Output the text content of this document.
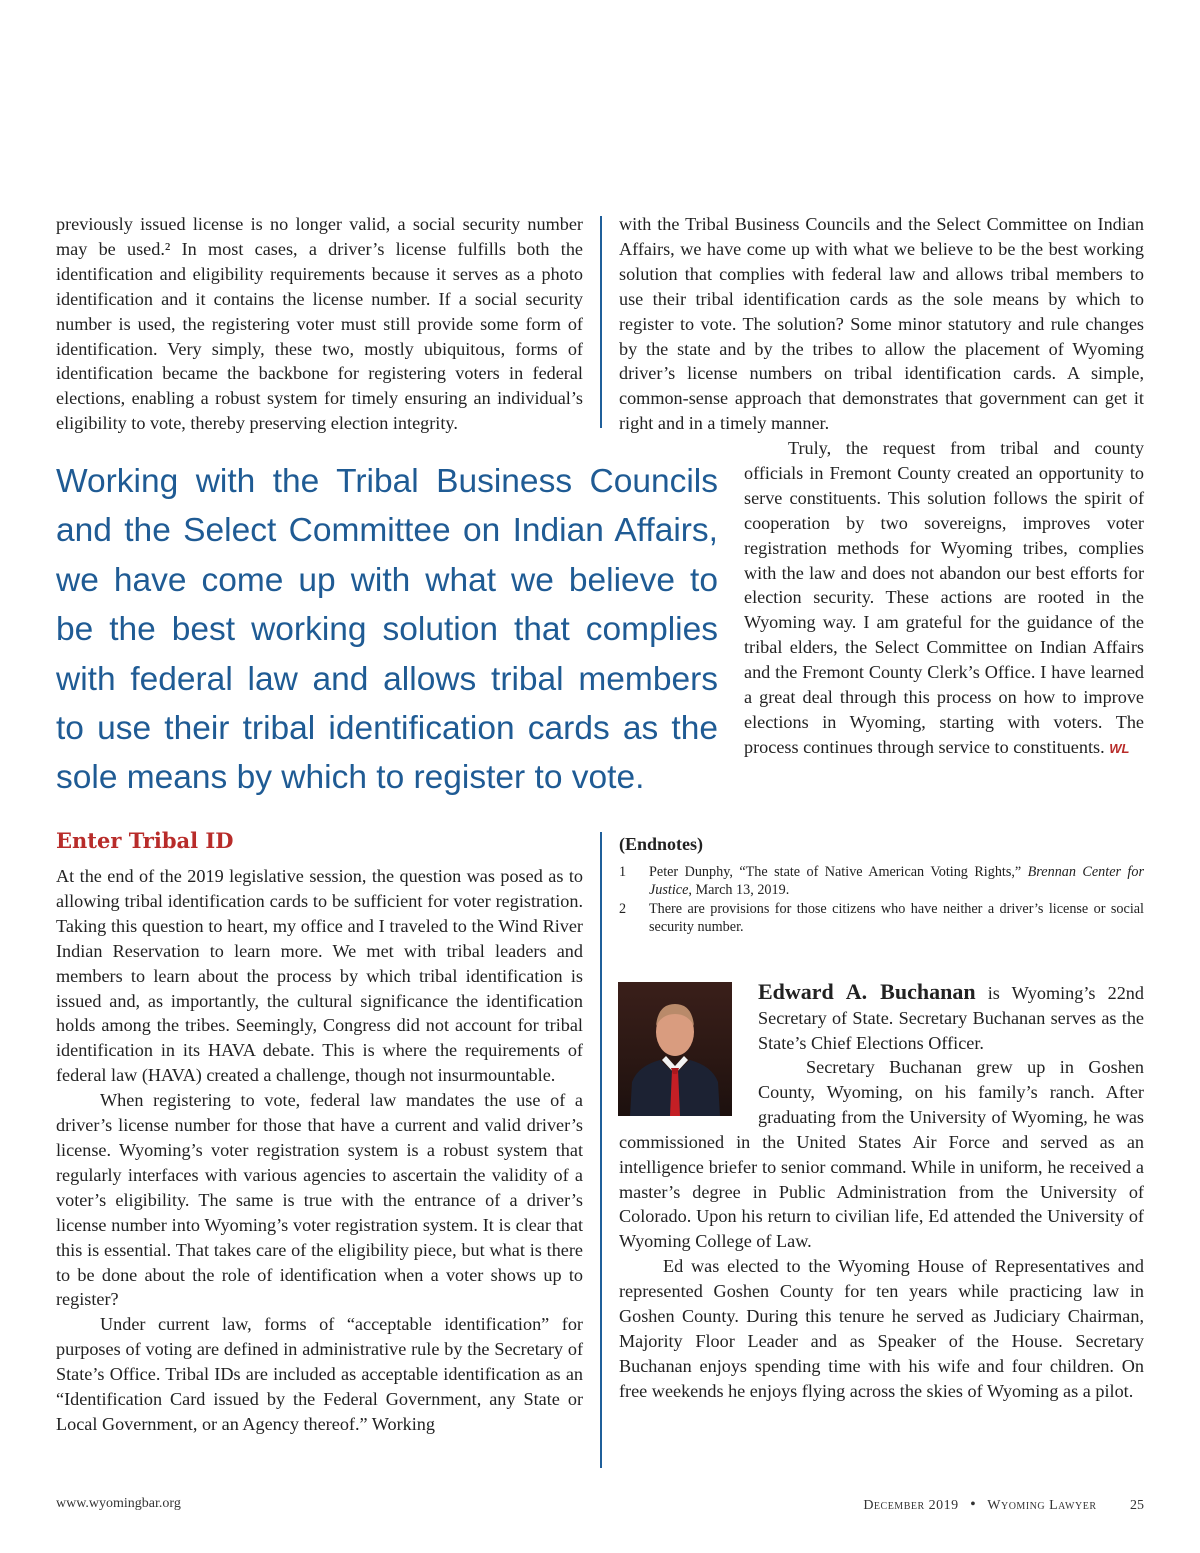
previously issued license is no longer valid, a social security number may be used.² In most cases, a driver’s license fulfills both the identification and eligibility requirements because it serves as a photo identification and it contains the license number. If a social security number is used, the registering voter must still provide some form of identification. Very simply, these two, mostly ubiquitous, forms of identification became the backbone for registering voters in federal elections, enabling a robust system for timely ensuring an individual’s eligibility to vote, thereby preserving election integrity.

with the Tribal Business Councils and the Select Committee on Indian Affairs, we have come up with what we believe to be the best working solution that complies with federal law and allows tribal members to use their tribal identification cards as the sole means by which to register to vote. The solution? Some minor statutory and rule changes by the state and by the tribes to allow the placement of Wyoming driver’s license numbers on tribal identification cards. A simple, common-sense approach that demonstrates that government can get it right and in a timely manner.

Truly, the request from tribal and county officials in Fremont County created an opportunity to serve constituents. This solution follows the spirit of cooperation by two sovereigns, improves voter registration methods for Wyoming tribes, complies with the law and does not abandon our best efforts for election security. These actions are rooted in the Wyoming way. I am grateful for the guidance of the tribal elders, the Select Committee on Indian Affairs and the Fremont County Clerk’s Office. I have learned a great deal through this process on how to improve elections in Wyoming, starting with voters. The process continues through service to constituents. WL

Working with the Tribal Business Councils and the Select Committee on Indian Affairs, we have come up with what we believe to be the best working solution that complies with federal law and allows tribal members to use their tribal identification cards as the sole means by which to register to vote.

Enter Tribal ID

At the end of the 2019 legislative session, the question was posed as to allowing tribal identification cards to be sufficient for voter registration. Taking this question to heart, my office and I traveled to the Wind River Indian Reservation to learn more. We met with tribal leaders and members to learn about the process by which tribal identification is issued and, as importantly, the cultural significance the identification holds among the tribes. Seemingly, Congress did not account for tribal identification in its HAVA debate. This is where the requirements of federal law (HAVA) created a challenge, though not insurmountable.

When registering to vote, federal law mandates the use of a driver’s license number for those that have a current and valid driver’s license. Wyoming’s voter registration system is a robust system that regularly interfaces with various agencies to ascertain the validity of a voter’s eligibility. The same is true with the entrance of a driver’s license number into Wyoming’s voter registration system. It is clear that this is essential. That takes care of the eligibility piece, but what is there to be done about the role of identification when a voter shows up to register?

Under current law, forms of “acceptable identification” for purposes of voting are defined in administrative rule by the Secretary of State’s Office. Tribal IDs are included as acceptable identification as an “Identification Card issued by the Federal Government, any State or Local Government, or an Agency thereof.” Working

(Endnotes)

1	Peter Dunphy, “The state of Native American Voting Rights,” Brennan Center for Justice, March 13, 2019.
2	There are provisions for those citizens who have neither a driver’s license or social security number.

Edward A. Buchanan is Wyoming’s 22nd Secretary of State. Secretary Buchanan serves as the State’s Chief Elections Officer.

Secretary Buchanan grew up in Goshen County, Wyoming, on his family’s ranch. After graduating from the University of Wyoming, he was commissioned in the United States Air Force and served as an intelligence briefer to senior command. While in uniform, he received a master’s degree in Public Administration from the University of Colorado. Upon his return to civilian life, Ed attended the University of Wyoming College of Law.

Ed was elected to the Wyoming House of Representatives and represented Goshen County for ten years while practicing law in Goshen County. During this tenure he served as Judiciary Chairman, Majority Floor Leader and as Speaker of the House. Secretary Buchanan enjoys spending time with his wife and four children. On free weekends he enjoys flying across the skies of Wyoming as a pilot.

www.wyomingbar.org	December 2019 • Wyoming Lawyer 25
